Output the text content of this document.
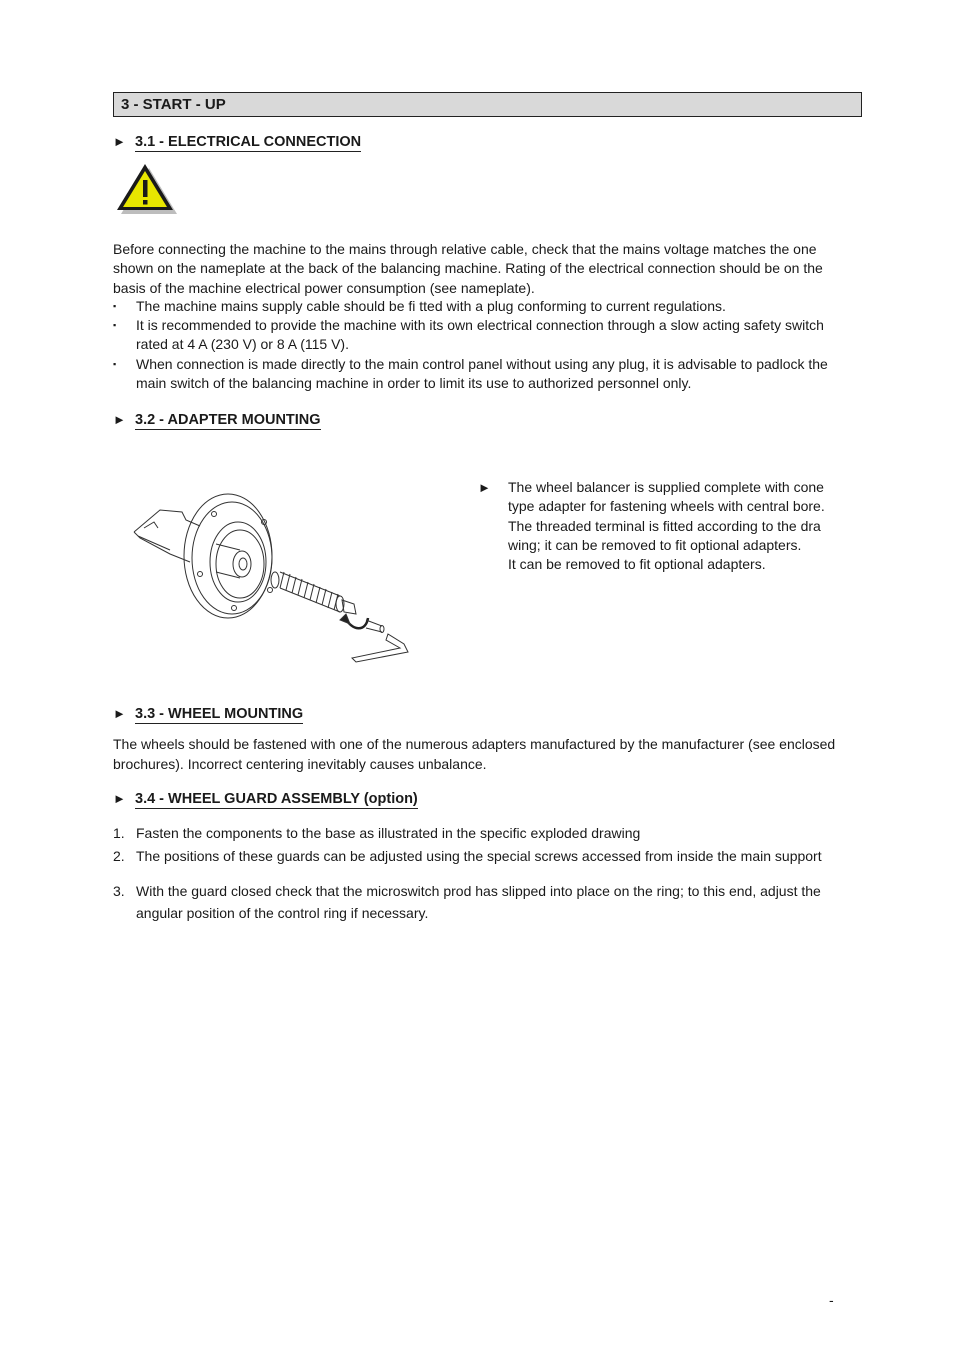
3 - START - UP
► 3.1 - ELECTRICAL CONNECTION
Before connecting the machine to the mains through relative cable, check that the mains voltage matches the one
shown on the nameplate at the back of the balancing machine. Rating of the electrical connection should be on the
basis of the machine electrical power consumption (see nameplate).
▪ The machine mains supply cable should be fi tted with a plug conforming to current regulations.
▪ It is recommended to provide the machine with its own electrical connection through a slow acting safety switch
rated at 4 A (230 V) or 8 A (115 V).
▪ When connection is made directly to the main control panel without using any plug, it is advisable to padlock the
main switch of the balancing machine in order to limit its use to authorized personnel only.
► 3.2 - ADAPTER MOUNTING
► The wheel balancer is supplied complete with cone
type adapter for fastening wheels with central bore.
The threaded terminal is fitted according to the dra
wing; it can be removed to fit optional adapters.
It can be removed to fit optional adapters.
► 3.3 - WHEEL MOUNTING
The wheels should be fastened with one of the numerous adapters manufactured by the manufacturer (see enclosed
brochures). Incorrect centering inevitably causes unbalance.
► 3.4 - WHEEL GUARD ASSEMBLY (option)
1. Fasten the components to the base as illustrated in the specific exploded drawing
2. The positions of these guards can be adjusted using the special screws accessed from inside the main support
3. With the guard closed check that the microswitch prod has slipped into place on the ring; to this end, adjust the
angular position of the control ring if necessary.
-
